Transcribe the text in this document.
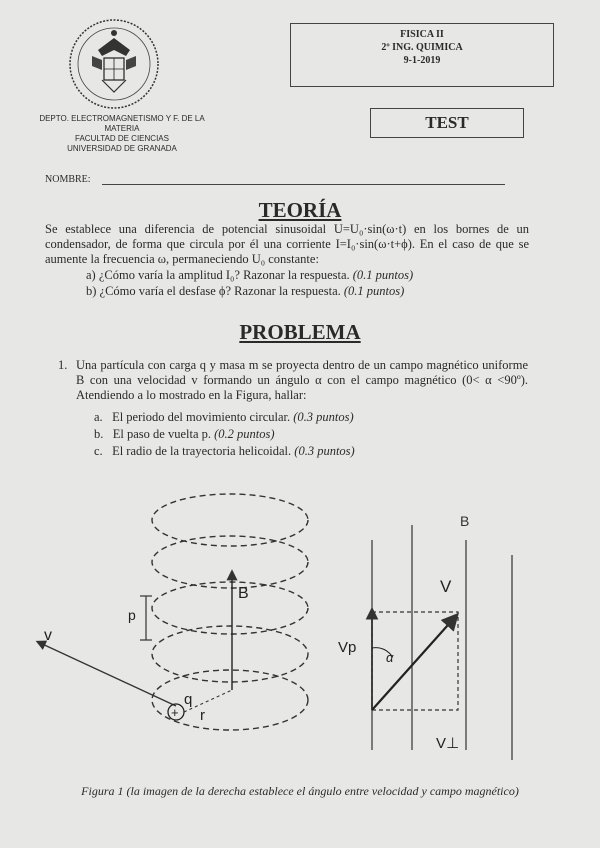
FISICA II
2º ING. QUIMICA
9-1-2019
TEST
DEPTO. ELECTROMAGNETISMO Y F. DE LA MATERIA
FACULTAD DE CIENCIAS
UNIVERSIDAD DE GRANADA
NOMBRE:
TEORÍA
Se establece una diferencia de potencial sinusoidal U=U₀·sin(ω·t) en los bornes de un condensador, de forma que circula por él una corriente I=I₀·sin(ω·t+ϕ). En el caso de que se aumente la frecuencia ω, permaneciendo U₀ constante:
a) ¿Cómo varía la amplitud I₀? Razonar la respuesta. (0.1 puntos)
b) ¿Cómo varía el desfase ϕ? Razonar la respuesta. (0.1 puntos)
PROBLEMA
1. Una partícula con carga q y masa m se proyecta dentro de un campo magnético uniforme B con una velocidad v formando un ángulo α con el campo magnético (0< α <90º). Atendiendo a lo mostrado en la Figura, hallar:
a. El periodo del movimiento circular. (0.3 puntos)
b. El paso de vuelta p. (0.2 puntos)
c. El radio de la trayectoria helicoidal. (0.3 puntos)
B
p
v
+
q
r
B
α
V
Vp
V⊥
Figura 1 (la imagen de la derecha establece el ángulo entre velocidad y campo magnético)
